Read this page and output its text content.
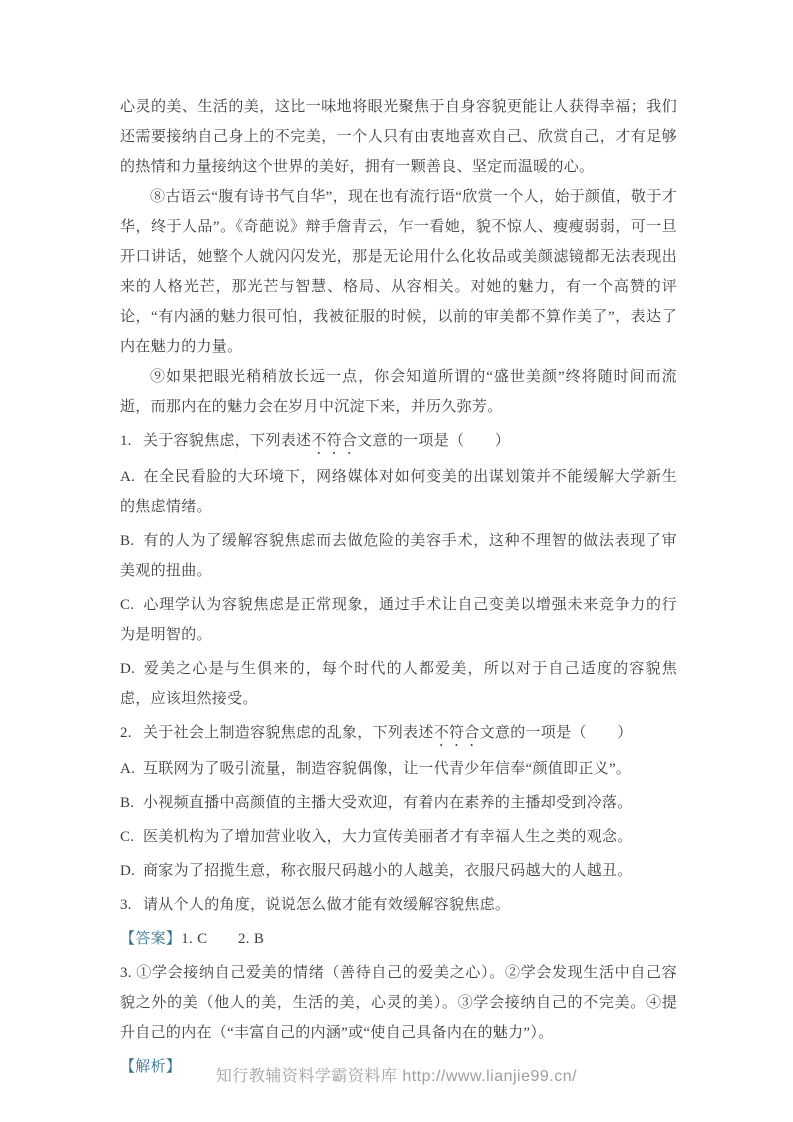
心灵的美、生活的美，这比一味地将眼光聚焦于自身容貌更能让人获得幸福；我们还需要接纳自己身上的不完美，一个人只有由衷地喜欢自己、欣赏自己，才有足够的热情和力量接纳这个世界的美好，拥有一颗善良、坚定而温暖的心。

⑧古语云“腹有诗书气自华”，现在也有流行语“欣赏一个人，始于颜值，敬于才华，终于人品”。《奇葩说》辩手詹青云，乍一看她，貌不惊人、瘦瘦弱弱，可一旦开口讲话，她整个人就闪闪发光，那是无论用什么化妆品或美颜滤镜都无法表现出来的人格光芒，那光芒与智慧、格局、从容相关。对她的魅力，有一个高赞的评论，“有内涵的魅力很可怕，我被征服的时候，以前的审美都不算作美了”，表达了内在魅力的力量。

⑨如果把眼光稍稍放长远一点，你会知道所谓的“盛世美颜”终将随时间而流逝，而那内在的魅力会在岁月中沉淀下来，并历久弥芳。

1. 关于容貌焦虑，下列表述不符合文意的一项是（　　）

A. 在全民看脸的大环境下，网络媒体对如何变美的出谋划策并不能缓解大学新生的焦虑情绪。

B. 有的人为了缓解容貌焦虑而去做危险的美容手术，这种不理智的做法表现了审美观的扭曲。

C. 心理学认为容貌焦虑是正常现象，通过手术让自己变美以增强未来竞争力的行为是明智的。

D. 爱美之心是与生俱来的，每个时代的人都爱美，所以对于自己适度的容貌焦虑，应该坦然接受。

2. 关于社会上制造容貌焦虑的乱象，下列表述不符合文意的一项是（　　）

A. 互联网为了吸引流量，制造容貌偶像，让一代青少年信奉“颜值即正义”。

B. 小视频直播中高颜值的主播大受欢迎，有着内在素养的主播却受到冷落。

C. 医美机构为了增加营业收入，大力宣传美丽者才有幸福人生之类的观念。

D. 商家为了招揽生意，称衣服尺码越小的人越美，衣服尺码越大的人越丑。

3. 请从个人的角度，说说怎么做才能有效缓解容貌焦虑。

【答案】1. C　　2. B

3. ①学会接纳自己爱美的情绪（善待自己的爱美之心）。②学会发现生活中自己容貌之外的美（他人的美，生活的美，心灵的美）。③学会接纳自己的不完美。④提升自己的内在（“丰富自己的内涵”或“使自己具备内在的魅力”）。

【解析】

知行教辅资料学霸资料库 http://www.lianjie99.cn/
